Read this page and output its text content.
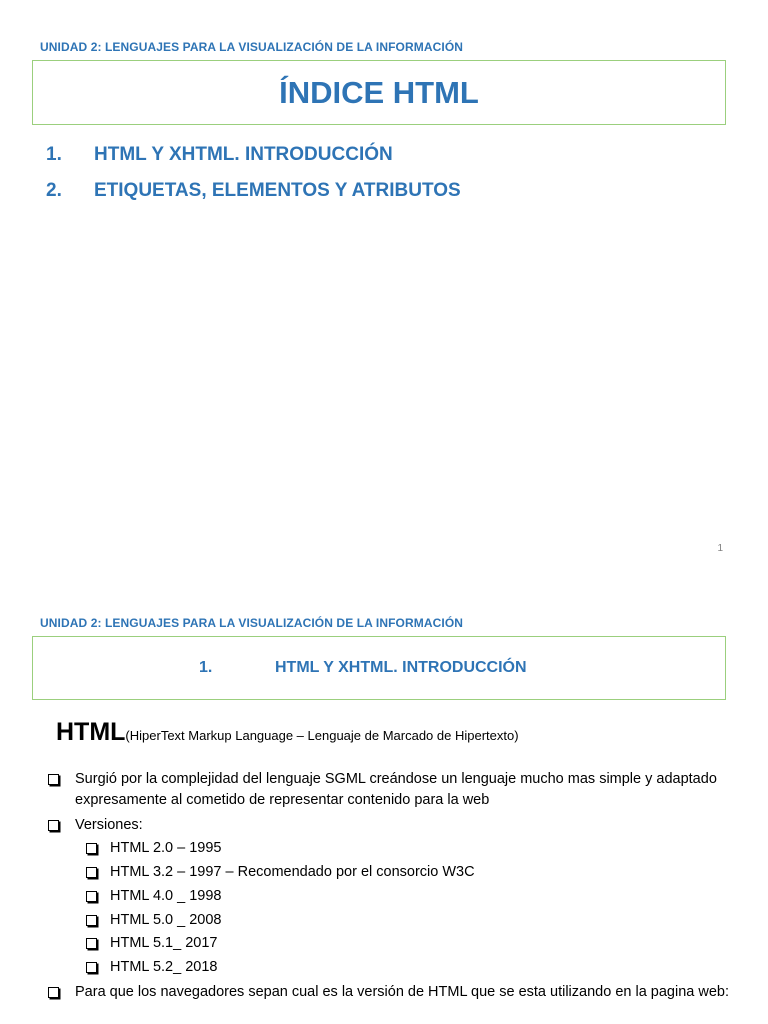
UNIDAD 2: LENGUAJES PARA LA VISUALIZACIÓN DE LA INFORMACIÓN
ÍNDICE HTML
1. HTML Y XHTML. INTRODUCCIÓN
2. ETIQUETAS, ELEMENTOS Y ATRIBUTOS
1
UNIDAD 2: LENGUAJES PARA LA VISUALIZACIÓN DE LA INFORMACIÓN
1.	HTML Y XHTML. INTRODUCCIÓN
HTML(HiperText Markup Language – Lenguaje de Marcado de Hipertexto)
Surgió por la complejidad del lenguaje SGML creándose un lenguaje mucho mas simple y adaptado expresamente al cometido de representar contenido para la web
Versiones:
HTML 2.0 – 1995
HTML 3.2 – 1997 – Recomendado por el consorcio W3C
HTML 4.0 _ 1998
HTML 5.0 _ 2008
HTML 5.1_ 2017
HTML 5.2_ 2018
Para que los navegadores sepan cual es la versión de HTML que se esta utilizando en la pagina web:
